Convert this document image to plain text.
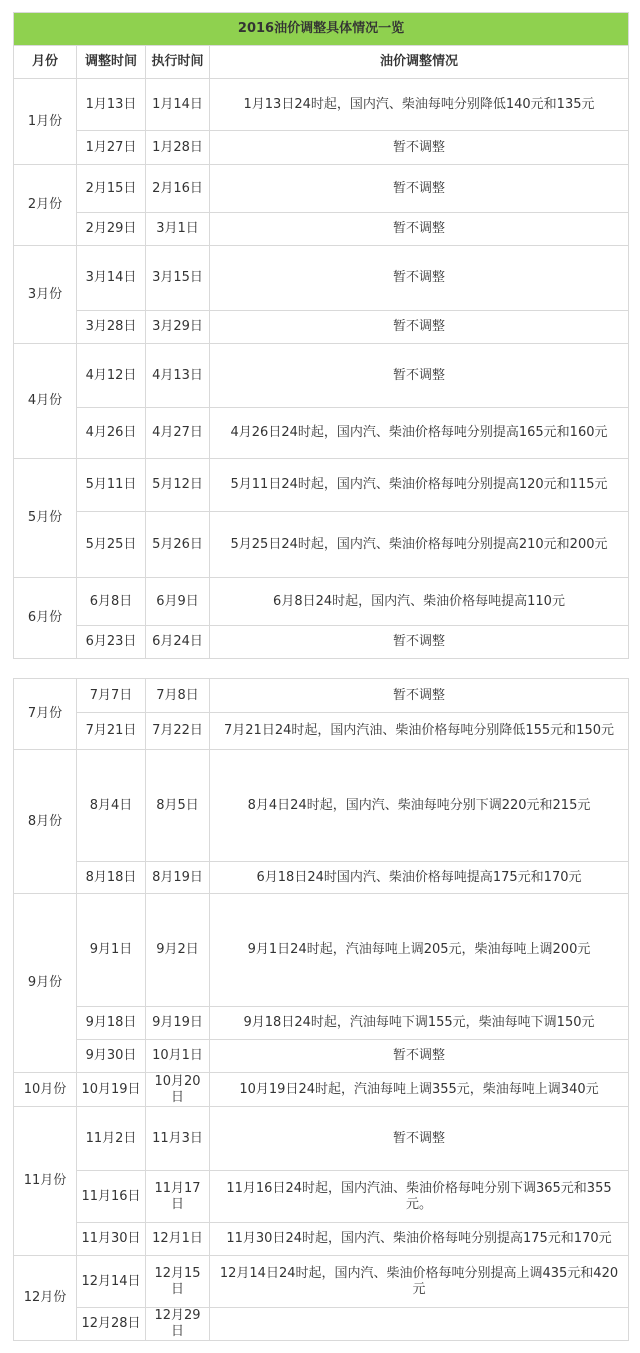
2016油价调整具体情况一览			
月份	调整时间	执行时间	油价调整情况
1月份	1月13日	1月14日	1月13日24时起，国内汽、柴油每吨分别降低140元和135元
	1月27日	1月28日	暂不调整
2月份	2月15日	2月16日	暂不调整
	2月29日	3月1日	暂不调整
3月份	3月14日	3月15日	暂不调整
	3月28日	3月29日	暂不调整
4月份	4月12日	4月13日	暂不调整
	4月26日	4月27日	4月26日24时起，国内汽、柴油价格每吨分别提高165元和160元
5月份	5月11日	5月12日	5月11日24时起，国内汽、柴油价格每吨分别提高120元和115元
	5月25日	5月26日	5月25日24时起，国内汽、柴油价格每吨分别提高210元和200元
6月份	6月8日	6月9日	6月8日24时起，国内汽、柴油价格每吨提高110元
	6月23日	6月24日	暂不调整
7月份	7月7日	7月8日	暂不调整
	7月21日	7月22日	7月21日24时起，国内汽油、柴油价格每吨分别降低155元和150元
8月份	8月4日	8月5日	8月4日24时起，国内汽、柴油每吨分别下调220元和215元
	8月18日	8月19日	6月18日24时国内汽、柴油价格每吨提高175元和170元
9月份	9月1日	9月2日	9月1日24时起，汽油每吨上调205元，柴油每吨上调200元
	9月18日	9月19日	9月18日24时起，汽油每吨下调155元，柴油每吨下调150元
	9月30日	10月1日	暂不调整
10月份	10月19日	10月20日	10月19日24时起，汽油每吨上调355元，柴油每吨上调340元
11月份	11月2日	11月3日	暂不调整
	11月16日	11月17日	11月16日24时起，国内汽油、柴油价格每吨分别下调365元和355元。
	11月30日	12月1日	11月30日24时起，国内汽、柴油价格每吨分别提高175元和170元
12月份	12月14日	12月15日	12月14日24时起，国内汽、柴油价格每吨分别提高上调435元和420元
	12月28日	12月29日	
